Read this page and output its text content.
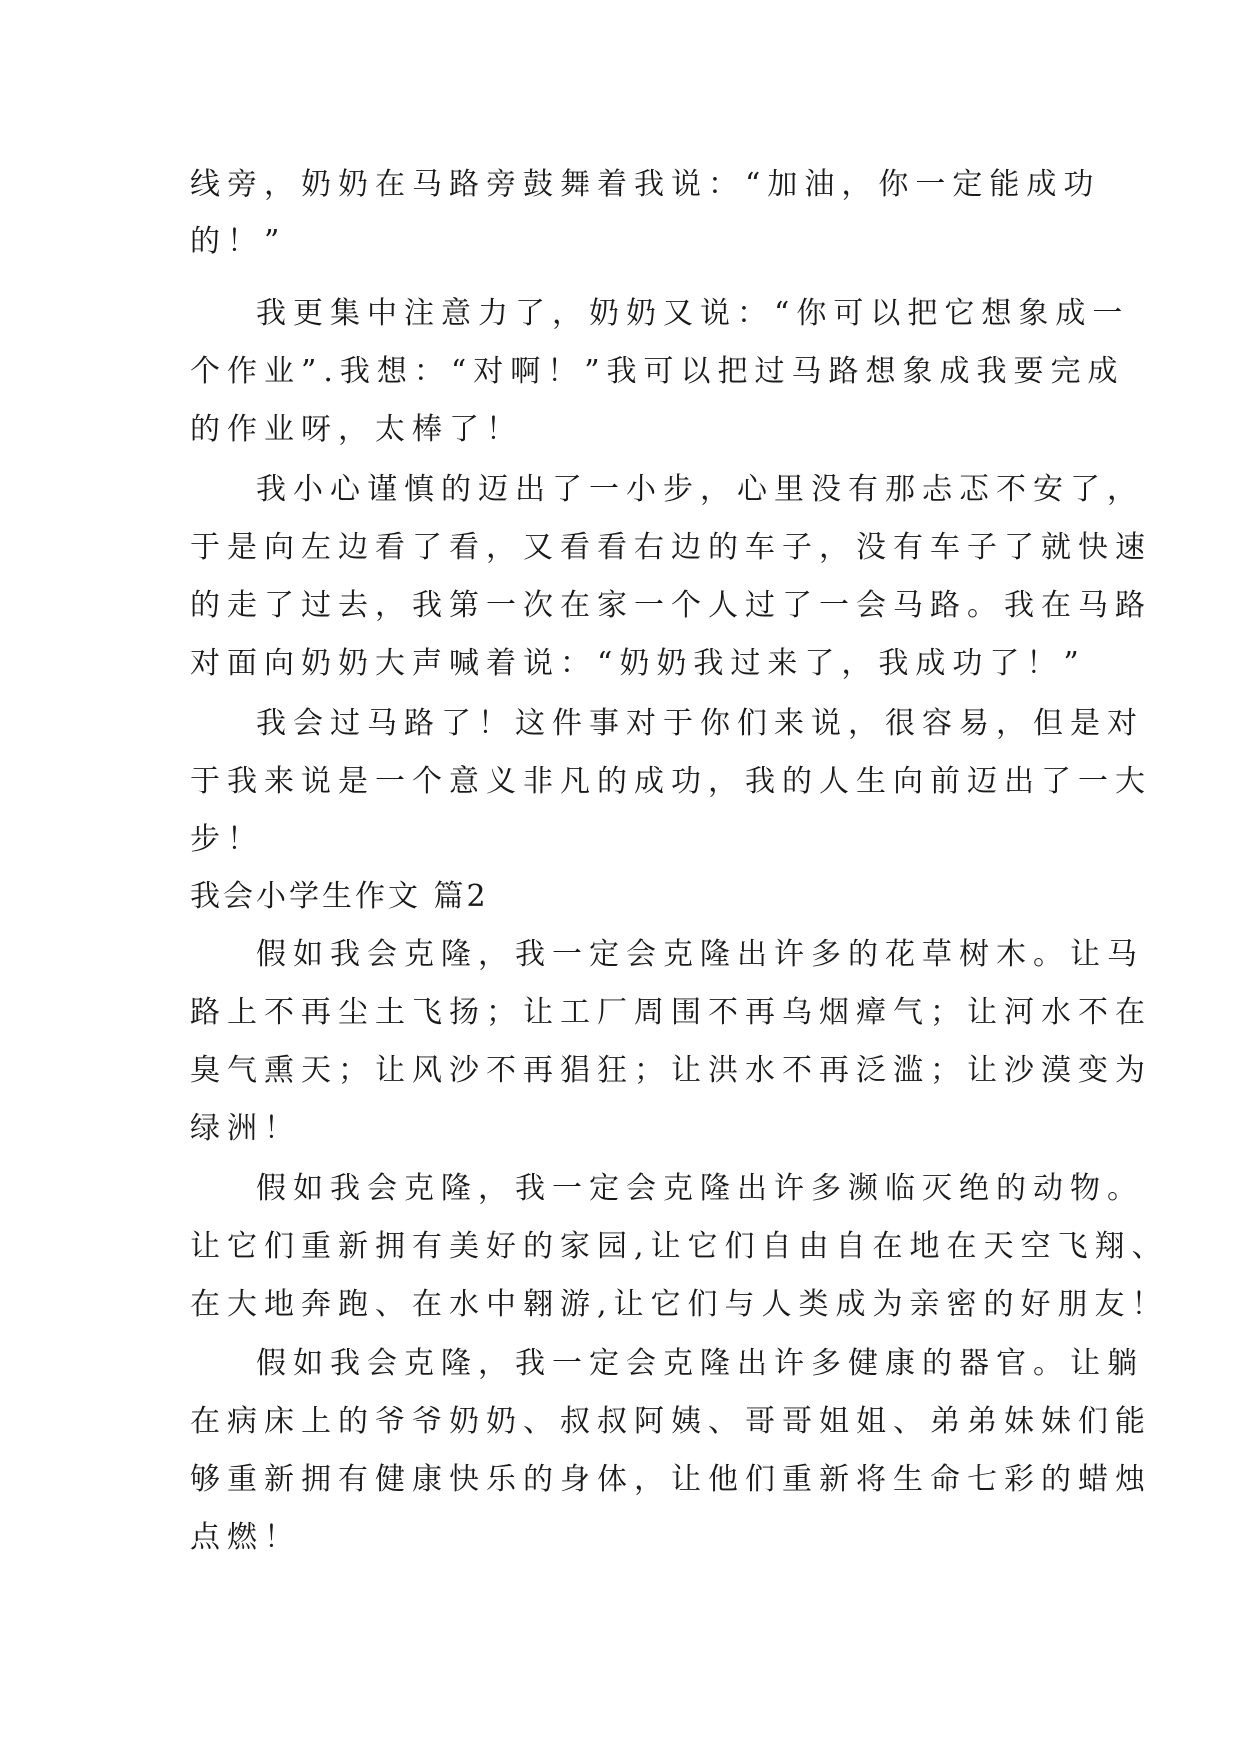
线旁，奶奶在马路旁鼓舞着我说：“加油，你一定能成功
的！”
我更集中注意力了，奶奶又说：“你可以把它想象成一
个作业”.我想：“对啊！”我可以把过马路想象成我要完成
的作业呀，太棒了！
我小心谨慎的迈出了一小步，心里没有那忐忑不安了，
于是向左边看了看，又看看右边的车子，没有车子了就快速
的走了过去，我第一次在家一个人过了一会马路。我在马路
对面向奶奶大声喊着说：“奶奶我过来了，我成功了！”
我会过马路了！这件事对于你们来说，很容易，但是对
于我来说是一个意义非凡的成功，我的人生向前迈出了一大
步！
我会小学生作文 篇2
假如我会克隆，我一定会克隆出许多的花草树木。让马
路上不再尘土飞扬；让工厂周围不再乌烟瘴气；让河水不在
臭气熏天；让风沙不再猖狂；让洪水不再泛滥；让沙漠变为
绿洲！
假如我会克隆，我一定会克隆出许多濒临灭绝的动物。
让它们重新拥有美好的家园,让它们自由自在地在天空飞翔、
在大地奔跑、在水中翱游,让它们与人类成为亲密的好朋友！
假如我会克隆，我一定会克隆出许多健康的器官。让躺
在病床上的爷爷奶奶、叔叔阿姨、哥哥姐姐、弟弟妹妹们能
够重新拥有健康快乐的身体，让他们重新将生命七彩的蜡烛
点燃！
